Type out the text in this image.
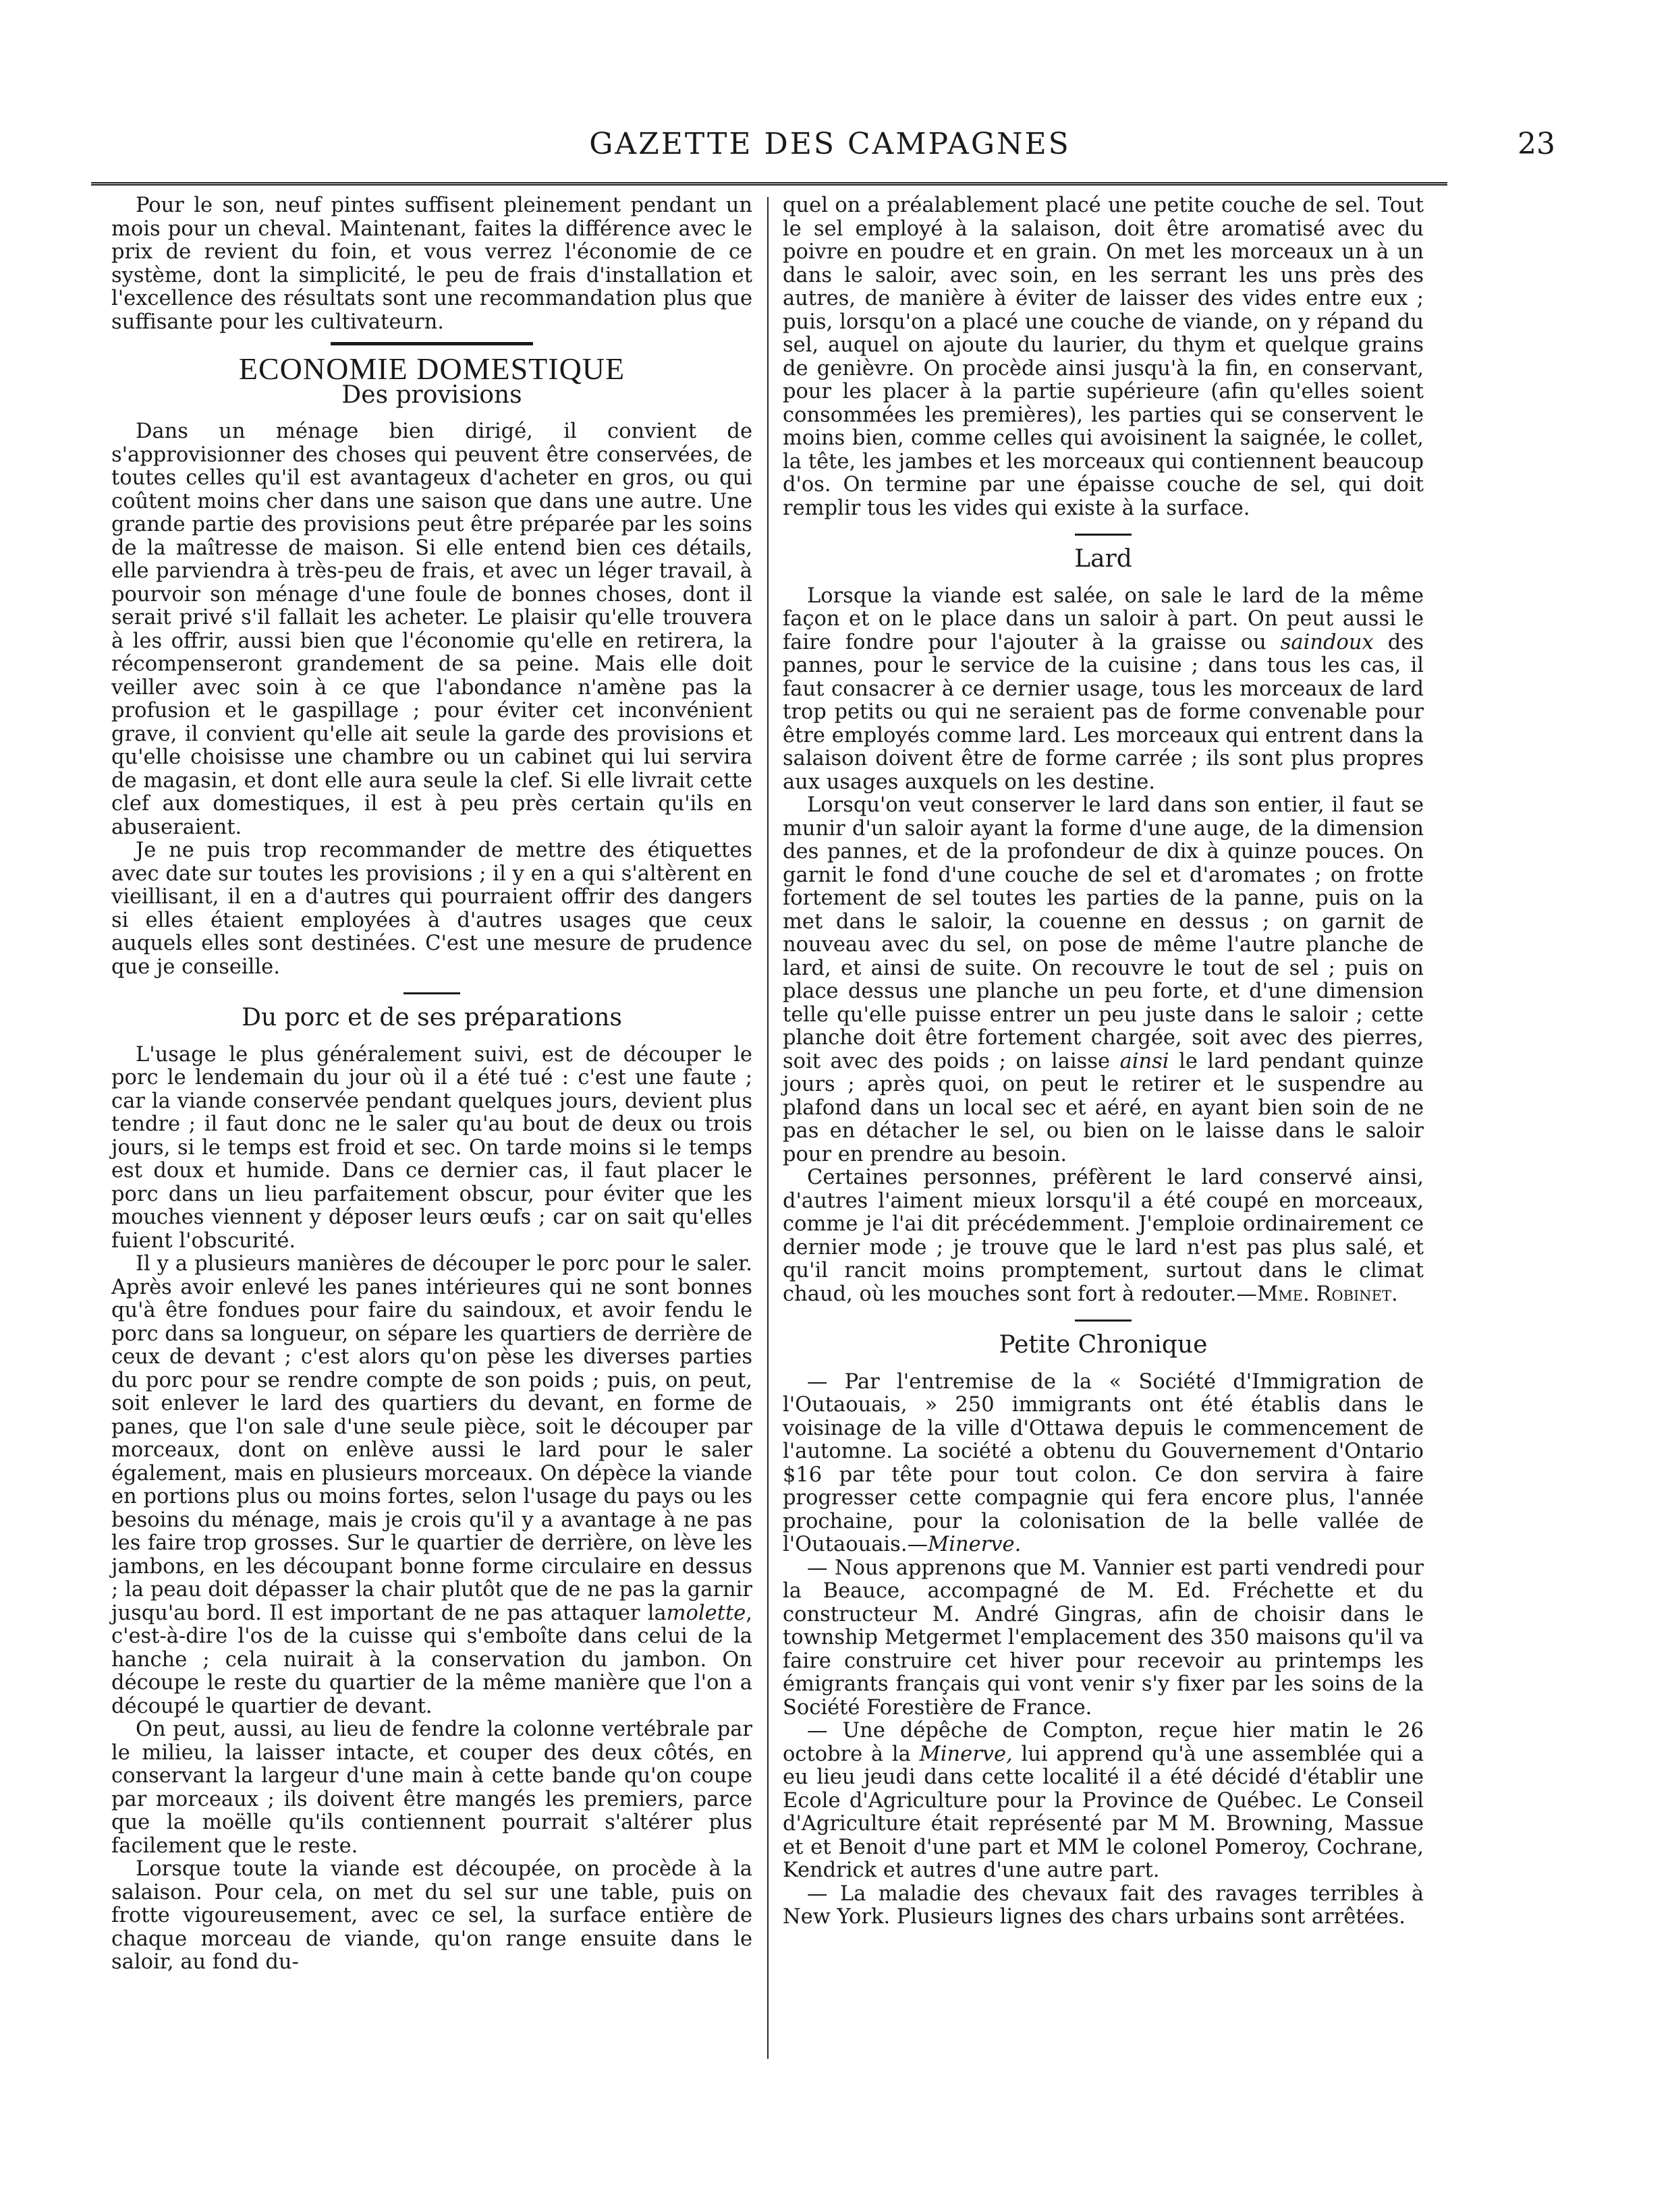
GAZETTE DES CAMPAGNES	23

Pour le son, neuf pintes suffisent pleinement pendant un mois pour un cheval. Maintenant, faites la différence avec le prix de revient du foin, et vous verrez l'économie de ce système, dont la simplicité, le peu de frais d'installation et l'excellence des résultats sont une recommandation plus que suffisante pour les cultivateurn.

ECONOMIE DOMESTIQUE
Des provisions

Dans un ménage bien dirigé, il convient de s'approvisionner des choses qui peuvent être conservées, de toutes celles qu'il est avantageux d'acheter en gros, ou qui coûtent moins cher dans une saison que dans une autre. Une grande partie des provisions peut être préparée par les soins de la maîtresse de maison. Si elle entend bien ces détails, elle parviendra à très-peu de frais, et avec un léger travail, à pourvoir son ménage d'une foule de bonnes choses, dont il serait privé s'il fallait les acheter. Le plaisir qu'elle trouvera à les offrir, aussi bien que l'économie qu'elle en retirera, la récompenseront grandement de sa peine. Mais elle doit veiller avec soin à ce que l'abondance n'amène pas la profusion et le gaspillage ; pour éviter cet inconvénient grave, il convient qu'elle ait seule la garde des provisions et qu'elle choisisse une chambre ou un cabinet qui lui servira de magasin, et dont elle aura seule la clef. Si elle livrait cette clef aux domestiques, il est à peu près certain qu'ils en abuseraient.

Je ne puis trop recommander de mettre des étiquettes avec date sur toutes les provisions ; il y en a qui s'altèrent en vieillisant, il en a d'autres qui pourraient offrir des dangers si elles étaient employées à d'autres usages que ceux auquels elles sont destinées. C'est une mesure de prudence que je conseille.

Du porc et de ses préparations

L'usage le plus généralement suivi, est de découper le porc le lendemain du jour où il a été tué : c'est une faute ; car la viande conservée pendant quelques jours, devient plus tendre ; il faut donc ne le saler qu'au bout de deux ou trois jours, si le temps est froid et sec. On tarde moins si le temps est doux et humide. Dans ce dernier cas, il faut placer le porc dans un lieu parfaitement obscur, pour éviter que les mouches viennent y déposer leurs œufs ; car on sait qu'elles fuient l'obscurité.

Il y a plusieurs manières de découper le porc pour le saler. Après avoir enlevé les panes intérieures qui ne sont bonnes qu'à être fondues pour faire du saindoux, et avoir fendu le porc dans sa longueur, on sépare les quartiers de derrière de ceux de devant ; c'est alors qu'on pèse les diverses parties du porc pour se rendre compte de son poids ; puis, on peut, soit enlever le lard des quartiers du devant, en forme de panes, que l'on sale d'une seule pièce, soit le découper par morceaux, dont on enlève aussi le lard pour le saler également, mais en plusieurs morceaux. On dépèce la viande en portions plus ou moins fortes, selon l'usage du pays ou les besoins du ménage, mais je crois qu'il y a avantage à ne pas les faire trop grosses. Sur le quartier de derrière, on lève les jambons, en les découpant bonne forme circulaire en dessus ; la peau doit dépasser la chair plutôt que de ne pas la garnir jusqu'au bord. Il est important de ne pas attaquer lamolette, c'est-à-dire l'os de la cuisse qui s'emboîte dans celui de la hanche ; cela nuirait à la conservation du jambon. On découpe le reste du quartier de la même manière que l'on a découpé le quartier de devant.

On peut, aussi, au lieu de fendre la colonne vertébrale par le milieu, la laisser intacte, et couper des deux côtés, en conservant la largeur d'une main à cette bande qu'on coupe par morceaux ; ils doivent être mangés les premiers, parce que la moëlle qu'ils contiennent pourrait s'altérer plus facilement que le reste.

Lorsque toute la viande est découpée, on procède à la salaison. Pour cela, on met du sel sur une table, puis on frotte vigoureusement, avec ce sel, la surface entière de chaque morceau de viande, qu'on range ensuite dans le saloir, au fond du-

quel on a préalablement placé une petite couche de sel. Tout le sel employé à la salaison, doit être aromatisé avec du poivre en poudre et en grain. On met les morceaux un à un dans le saloir, avec soin, en les serrant les uns près des autres, de manière à éviter de laisser des vides entre eux ; puis, lorsqu'on a placé une couche de viande, on y répand du sel, auquel on ajoute du laurier, du thym et quelque grains de genièvre. On procède ainsi jusqu'à la fin, en conservant, pour les placer à la partie supérieure (afin qu'elles soient consommées les premières), les parties qui se conservent le moins bien, comme celles qui avoisinent la saignée, le collet, la tête, les jambes et les morceaux qui contiennent beaucoup d'os. On termine par une épaisse couche de sel, qui doit remplir tous les vides qui existe à la surface.

Lard

Lorsque la viande est salée, on sale le lard de la même façon et on le place dans un saloir à part. On peut aussi le faire fondre pour l'ajouter à la graisse ou saindoux des pannes, pour le service de la cuisine ; dans tous les cas, il faut consacrer à ce dernier usage, tous les morceaux de lard trop petits ou qui ne seraient pas de forme convenable pour être employés comme lard. Les morceaux qui entrent dans la salaison doivent être de forme carrée ; ils sont plus propres aux usages auxquels on les destine.

Lorsqu'on veut conserver le lard dans son entier, il faut se munir d'un saloir ayant la forme d'une auge, de la dimension des pannes, et de la profondeur de dix à quinze pouces. On garnit le fond d'une couche de sel et d'aromates ; on frotte fortement de sel toutes les parties de la panne, puis on la met dans le saloir, la couenne en dessus ; on garnit de nouveau avec du sel, on pose de même l'autre planche de lard, et ainsi de suite. On recouvre le tout de sel ; puis on place dessus une planche un peu forte, et d'une dimension telle qu'elle puisse entrer un peu juste dans le saloir ; cette planche doit être fortement chargée, soit avec des pierres, soit avec des poids ; on laisse ainsi le lard pendant quinze jours ; après quoi, on peut le retirer et le suspendre au plafond dans un local sec et aéré, en ayant bien soin de ne pas en détacher le sel, ou bien on le laisse dans le saloir pour en prendre au besoin.

Certaines personnes, préfèrent le lard conservé ainsi, d'autres l'aiment mieux lorsqu'il a été coupé en morceaux, comme je l'ai dit précédemment. J'emploie ordinairement ce dernier mode ; je trouve que le lard n'est pas plus salé, et qu'il rancit moins promptement, surtout dans le climat chaud, où les mouches sont fort à redouter.—Mme. Robinet.

Petite Chronique

— Par l'entremise de la « Société d'Immigration de l'Outaouais, » 250 immigrants ont été établis dans le voisinage de la ville d'Ottawa depuis le commencement de l'automne. La société a obtenu du Gouvernement d'Ontario $16 par tête pour tout colon. Ce don servira à faire progresser cette compagnie qui fera encore plus, l'année prochaine, pour la colonisation de la belle vallée de l'Outaouais.—Minerve.

— Nous apprenons que M. Vannier est parti vendredi pour la Beauce, accompagné de M. Ed. Fréchette et du constructeur M. André Gingras, afin de choisir dans le township Metgermet l'emplacement des 350 maisons qu'il va faire construire cet hiver pour recevoir au printemps les émigrants français qui vont venir s'y fixer par les soins de la Société Forestière de France.

— Une dépêche de Compton, reçue hier matin le 26 octobre à la Minerve, lui apprend qu'à une assemblée qui a eu lieu jeudi dans cette localité il a été décidé d'établir une Ecole d'Agriculture pour la Province de Québec. Le Conseil d'Agriculture était représenté par M M. Browning, Massue et et Benoit d'une part et MM le colonel Pomeroy, Cochrane, Kendrick et autres d'une autre part.

— La maladie des chevaux fait des ravages terribles à New York. Plusieurs lignes des chars urbains sont arrêtées.
